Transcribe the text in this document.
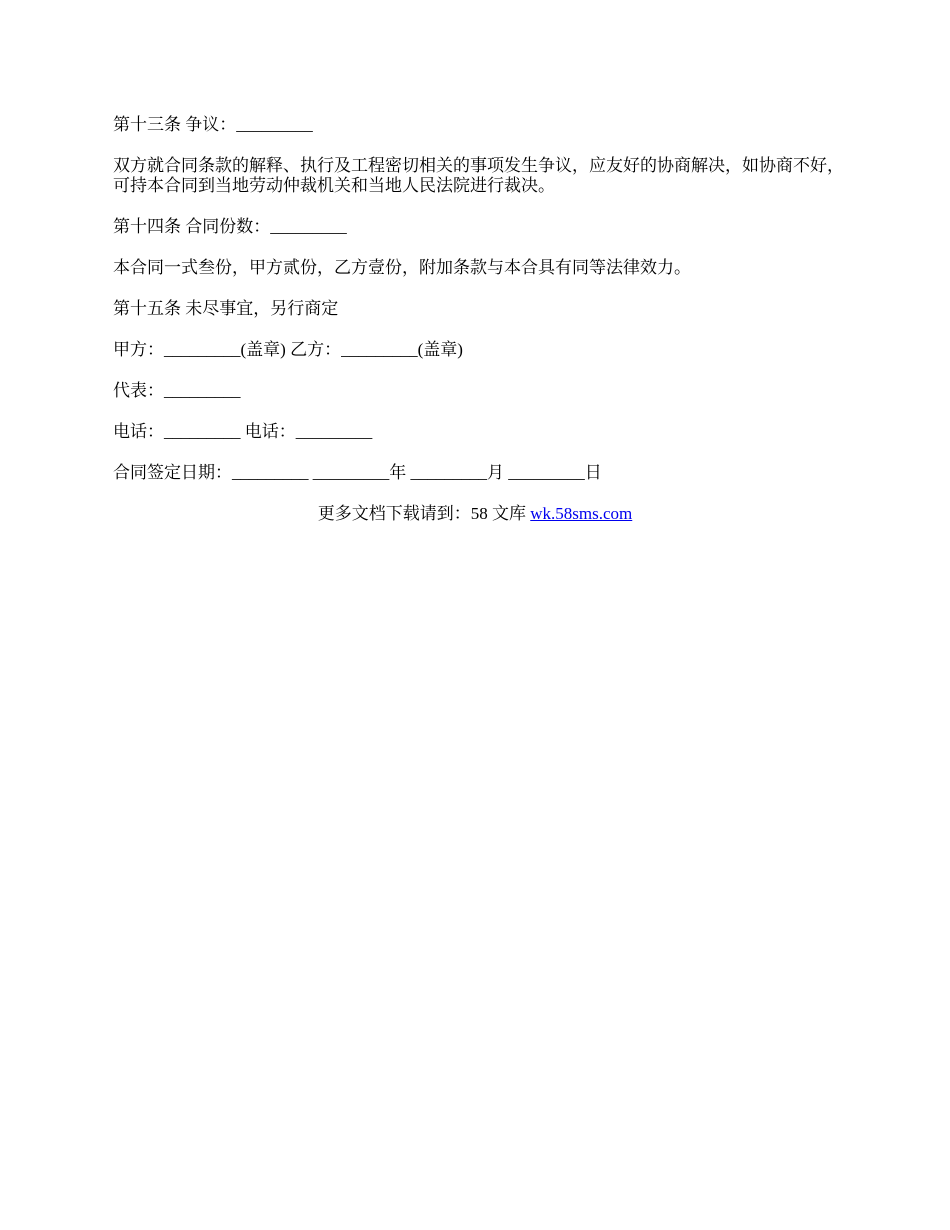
第十三条 争议：_________
双方就合同条款的解释、执行及工程密切相关的事项发生争议，应友好的协商解决，如协商不好，可持本合同到当地劳动仲裁机关和当地人民法院进行裁决。
第十四条 合同份数：_________
本合同一式叁份，甲方贰份，乙方壹份，附加条款与本合具有同等法律效力。
第十五条 未尽事宜，另行商定
甲方：_________(盖章) 乙方：_________(盖章)
代表：_________
电话：_________ 电话：_________
合同签定日期：_________ _________年 _________月 _________日
更多文档下载请到：58 文库 wk.58sms.com
